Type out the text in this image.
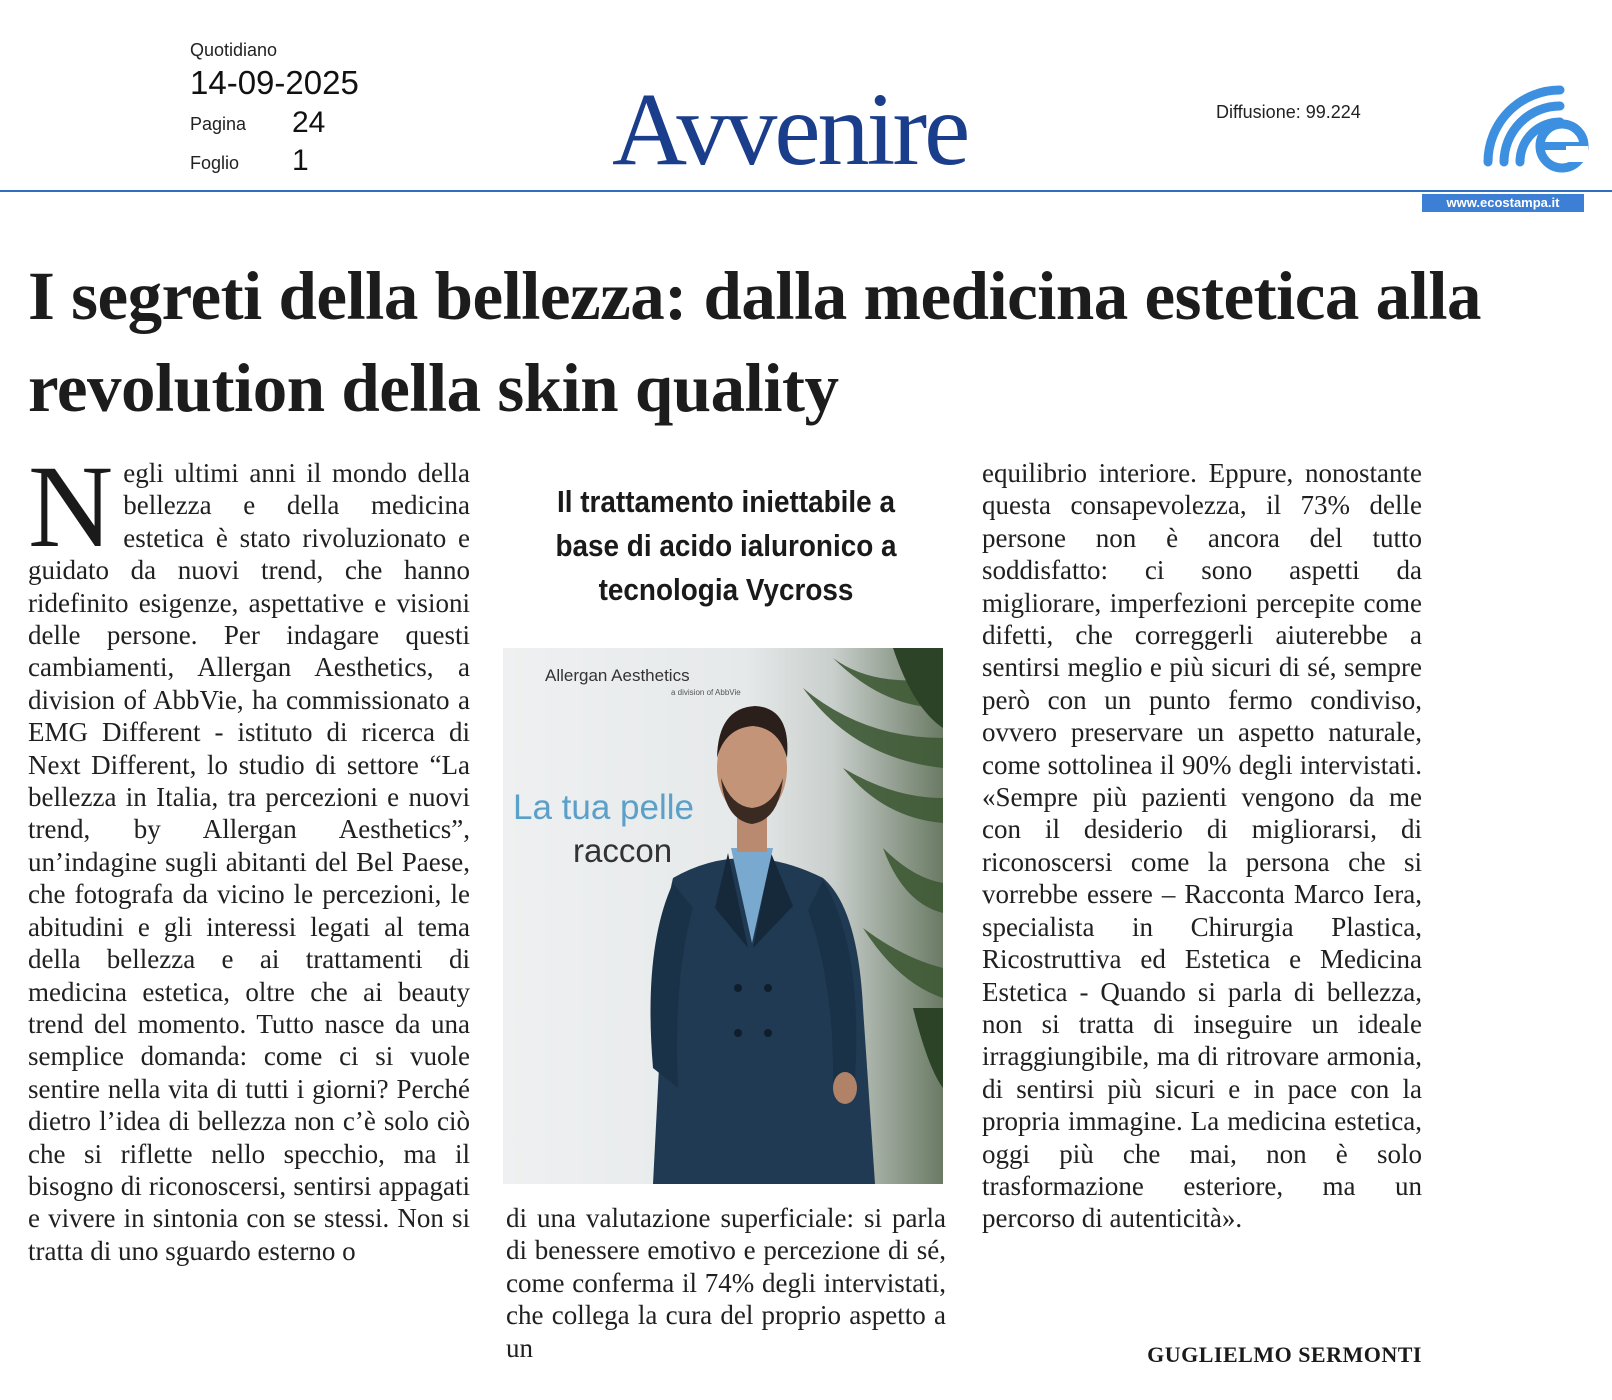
Quotidiano
14-09-2025
Pagina 24
Foglio 1	Avvenire	Diffusione: 99.224
www.ecostampa.it
I segreti della bellezza: dalla medicina estetica alla revolution della skin quality
N egli ultimi anni il mondo della bellezza e della medicina estetica è stato rivoluzionato e guidato da nuovi trend, che hanno ridefinito esigenze, aspettative e visioni delle persone. Per indagare questi cambiamenti, Allergan Aesthetics, a division of AbbVie, ha commissionato a EMG Different - istituto di ricerca di Next Different, lo studio di settore “La bellezza in Italia, tra percezioni e nuovi trend, by Allergan Aesthetics”, un’indagine sugli abitanti del Bel Paese, che fotografa da vicino le percezioni, le abitudini e gli interessi legati al tema della bellezza e ai trattamenti di medicina estetica, oltre che ai beauty trend del momento. Tutto nasce da una semplice domanda: come ci si vuole sentire nella vita di tutti i giorni? Perché dietro l’idea di bellezza non c’è solo ciò che si riflette nello specchio, ma il bisogno di riconoscersi, sentirsi appagati e vivere in sintonia con se stessi. Non si tratta di uno sguardo esterno o
Il trattamento iniettabile a base di acido ialuronico a tecnologia Vycross
Allergan Aesthetics
a division of AbbVie
La tua pelle
raccon
di una valutazione superficiale: si parla di benessere emotivo e percezione di sé, come conferma il 74% degli intervistati, che collega la cura del proprio aspetto a un
equilibrio interiore. Eppure, nonostante questa consapevolezza, il 73% delle persone non è ancora del tutto soddisfatto: ci sono aspetti da migliorare, imperfezioni percepite come difetti, che correggerli aiuterebbe a sentirsi meglio e più sicuri di sé, sempre però con un punto fermo condiviso, ovvero preservare un aspetto naturale, come sottolinea il 90% degli intervistati. «Sempre più pazienti vengono da me con il desiderio di migliorarsi, di riconoscersi come la persona che si vorrebbe essere – Racconta Marco Iera, specialista in Chirurgia Plastica, Ricostruttiva ed Estetica e Medicina Estetica - Quando si parla di bellezza, non si tratta di inseguire un ideale irraggiungibile, ma di ritrovare armonia, di sentirsi più sicuri e in pace con la propria immagine. La medicina estetica, oggi più che mai, non è solo trasformazione esteriore, ma un percorso di autenticità».
GUGLIELMO SERMONTI
